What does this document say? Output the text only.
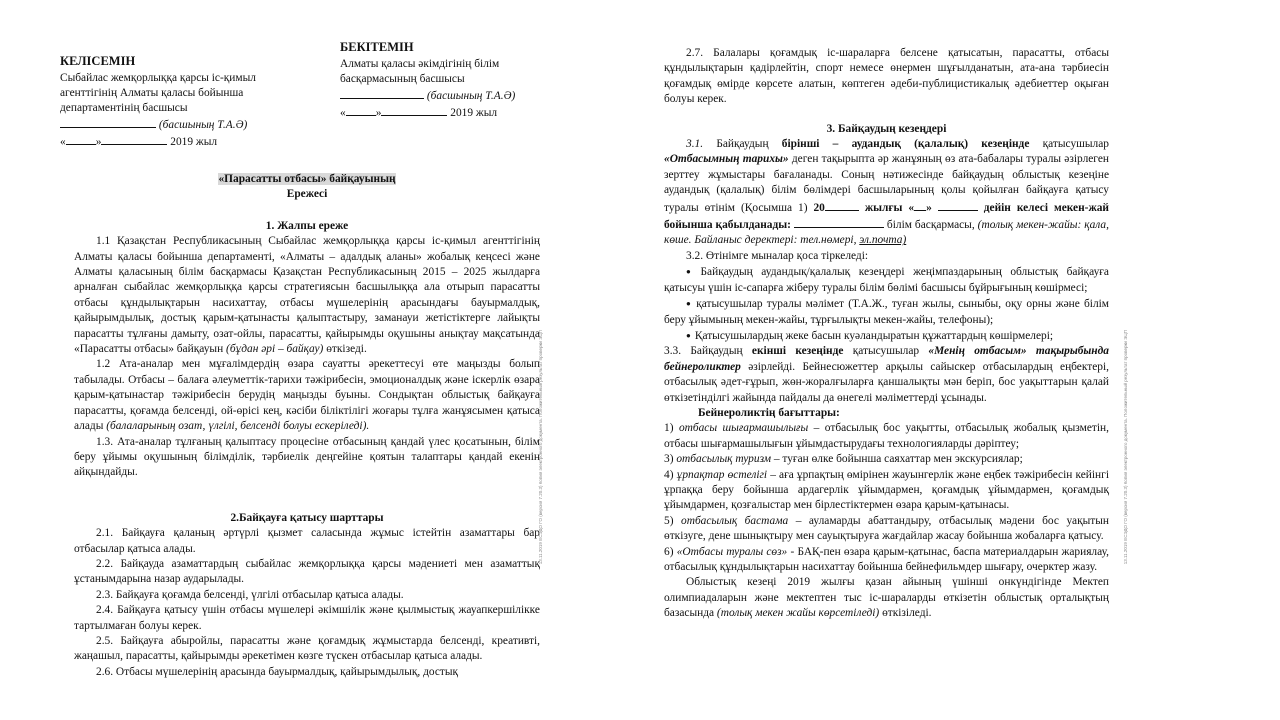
КЕЛІСЕМІН

Сыбайлас жемқорлыққа қарсы іс-қимыл

агенттігінің Алматы қаласы бойынша

департаментінің басшысы

(басшының Т.А.Ә)

«	»	2019 жыл

БЕКІТЕМІН

Алматы қаласы әкімдігінің білім

басқармасының басшысы

(басшының Т.А.Ә)

«	»	2019 жыл

«Парасатты отбасы» байқауының

Ережесі

1. Жалпы ереже

1.1 Қазақстан Республикасының Сыбайлас жемқорлыққа қарсы іс-қимыл агенттігінің Алматы қаласы бойынша департаменті, «Алматы – адалдық аланы» жобалық кеңсесі және Алматы қаласының білім басқармасы Қазақстан Республикасының 2015 – 2025 жылдарға арналған сыбайлас жемқорлыққа қарсы стратегиясын басшылыққа ала отырып парасатты отбасы құндылықтарын насихаттау, отбасы мүшелерінің арасындағы бауырмалдық, қайырымдылық, достық қарым-қатынасты қалыптастыру, заманауи жетістіктерге лайықты парасатты тұлғаны дамыту, озат-ойлы, парасатты, қайырымды оқушыны анықтау мақсатында «Парасатты отбасы» байқауын (бұдан әрі – байқау) өткізеді.

1.2 Ата-аналар мен мұғалімдердің өзара сауатты әрекеттесуі өте маңызды болып табылады. Отбасы – балаға әлеуметтік-тарихи тәжірибесін, эмоционалдық және іскерлік өзара қарым-қатынастар тәжірибесін берудің маңызды буыны. Сондықтан облыстық байқауға парасатты, қоғамда белсенді, ой-өрісі кең, кәсіби біліктілігі жоғары тұлға жанұясымен қатыса алады (балаларының озат, үлгілі, белсенді болуы ескеріледі).

1.3. Ата-аналар тұлғаның қалыптасу процесіне отбасының қандай үлес қосатынын, білім беру ұйымы оқушының білімділік, тәрбиелік деңгейіне қоятын талаптары қандай екенін айқындайды.

2.Байқауға қатысу шарттары

2.1. Байқауға қаланың әртүрлі қызмет саласында жұмыс істейтін азаматтары бар отбасылар қатыса алады.

2.2. Байқауда азаматтардың сыбайлас жемқорлыққа қарсы мәдениеті мен азаматтық ұстанымдарына назар аударылады.

2.3. Байқауға қоғамда белсенді, үлгілі отбасылар қатыса алады.

2.4. Байқауға қатысу үшін отбасы мүшелері әкімшілік және қылмыстық жауапкершілікке тартылмаған болуы керек.

2.5. Байқауға абыройлы, парасатты және қоғамдық жұмыстарда белсенді, креативті, жаңашыл, парасатты, қайырымды әрекетімен көзге түскен отбасылар қатыса алады.

2.6. Отбасы мүшелерінің арасында бауырмалдық, қайырымдылық, достық

13.11.2019 ЕСЭДО ГО (версия 7.20.3) Копия электронного документа. Положительный результат проверки ЭЦП

2.7. Балалары қоғамдық іс-шараларға белсене қатысатын, парасатты, отбасы құндылықтарын қадірлейтін, спорт немесе өнермен шұғылданатын, ата-ана тәрбиесін қоғамдық өмірде көрсете алатын, көптеген әдеби-публицистикалық әдебиеттер оқыған болуы керек.

3. Байқаудың кезеңдері

3.1. Байқаудың бірінші – аудандық (қалалық) кезеңінде қатысушылар «Отбасымның тарихы» деген тақырыпта әр жанұяның өз ата-бабалары туралы әзірлеген зерттеу жұмыстары бағаланады. Соның нәтижесінде байқаудың облыстық кезеңіне аудандық (қалалық) білім бөлімдері басшыларының қолы қойылған байқауға қатысу туралы өтінім (Қосымша 1) 20	жылғы « »	дейін келесі мекен-жай бойынша қабылданады:	білім басқармасы, (толық мекен-жайы: қала, көше. Байланыс деректері: тел.нөмері, эл.почта)

3.2. Өтінімге мыналар қоса тіркеледі:

● Байқаудың аудандық/қалалық кезеңдері жеңімпаздарының облыстық байқауға қатысуы үшін іс-сапарға жіберу туралы білім бөлімі басшысы бұйрығының көшірмесі;

● қатысушылар туралы мәлімет (Т.А.Ж., туған жылы, сыныбы, оқу орны және білім беру ұйымының мекен-жайы, тұрғылықты мекен-жайы, телефоны);

● Қатысушылардың жеке басын куәландыратын құжаттардың көшірмелері;

3.3. Байқаудың екінші кезеңінде қатысушылар «Менің отбасым» тақырыбында бейнероликтер әзірлейді. Бейнесюжеттер арқылы сайыскер отбасылардың еңбектері, отбасылық әдет-ғұрып, жөн-жоралғыларға қаншалықты мән беріп, бос уақыттарын қалай өткізетінділгі жайында пайдалы да өнегелі мәліметтерді ұсынады.

Бейнероликтің бағыттары:

1) отбасы шығармашылығы – отбасылық бос уақытты, отбасылық жобалық қызметін, отбасы шығармашылығын ұйымдастырудағы технологияларды дәріптеу;

3) отбасылық туризм – туған өлке бойынша саяхаттар мен экскурсиялар;

4) ұрпақтар өстелігі – аға ұрпақтың өмірінен жауынгерлік және еңбек тәжірибесін кейінгі ұрпаққа беру бойынша ардагерлік ұйымдармен, қоғамдық ұйымдармен, қоғамдық ұйымдармен, қозғалыстар мен бірлестіктермен өзара қарым-қатынасы.

5) отбасылық бастама – ауламарды абаттандыру, отбасылық мәдени бос уақытын өткізуге, дене шынықтыру мен сауықтыруға жағдайлар жасау бойынша жобаларға қатысу.

6) «Отбасы туралы сөз» - БАҚ-пен өзара қарым-қатынас, баспа материалдарын жариялау, отбасылық құндылықтарын насихаттау бойынша бейнефильмдер шығару, очерктер жазу.

Облыстық кезеңі 2019 жылғы қазан айының үшінші онкүндігінде Мектеп олимпиадаларын және мектептен тыс іс-шараларды өткізетін облыстық орталықтың базасында (толық мекен жайы көрсетіледі) өткізіледі.

13.11.2019 ЕСЭДО ГО (версия 7.20.3) Копия электронного документа. Положительный результат проверки ЭЦП
